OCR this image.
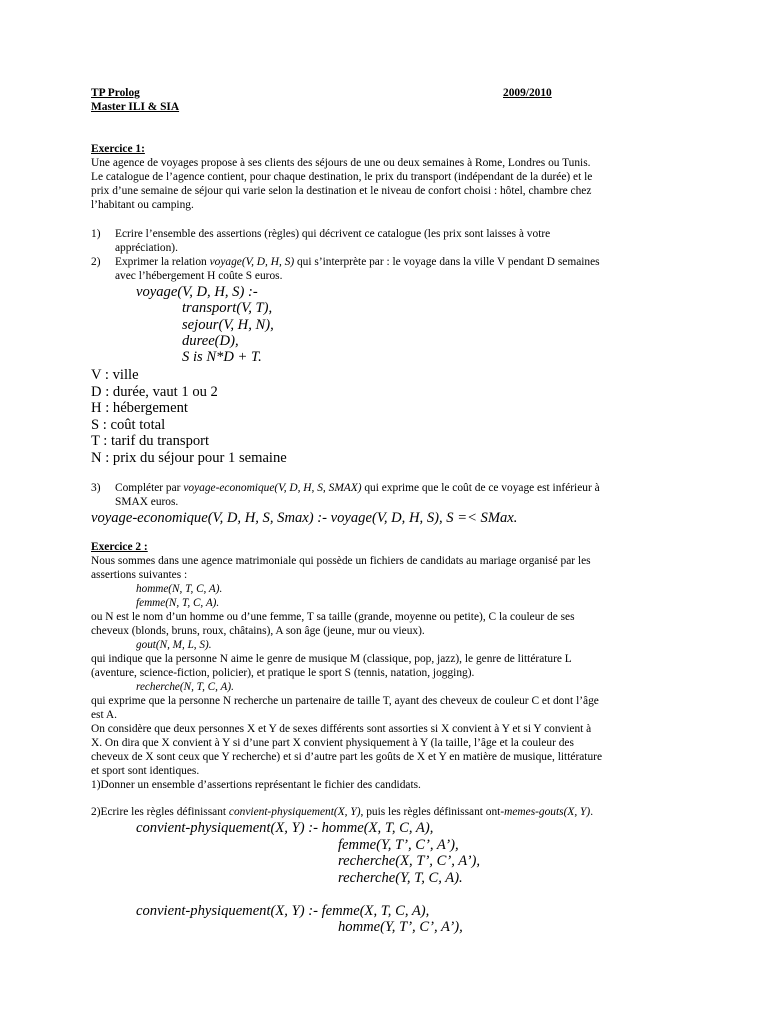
TP Prolog	2009/2010
Master ILI & SIA
Exercice 1:
Une agence de voyages propose à ses clients des séjours de une ou deux semaines à Rome, Londres ou Tunis.
Le catalogue de l’agence contient, pour chaque destination, le prix du transport (indépendant de la durée) et le
prix d’une semaine de séjour qui varie selon la destination et le niveau de confort choisi : hôtel, chambre chez
l’habitant ou camping.
1) Ecrire l’ensemble des assertions (règles) qui décrivent ce catalogue (les prix sont laisses à votre
appréciation).
2) Exprimer la relation voyage(V, D, H, S) qui s’interprète par : le voyage dans la ville V pendant D semaines
avec l’hébergement H coûte S euros.
voyage(V, D, H, S) :-
transport(V, T),
sejour(V, H, N),
duree(D),
S is N*D + T.
V : ville
D : durée, vaut 1 ou 2
H : hébergement
S : coût total
T : tarif du transport
N : prix du séjour pour 1 semaine
3) Compléter par voyage-economique(V, D, H, S, SMAX) qui exprime que le coût de ce voyage est inférieur à
SMAX euros.
voyage-economique(V, D, H, S, Smax) :- voyage(V, D, H, S), S =< SMax.
Exercice 2 :
Nous sommes dans une agence matrimoniale qui possède un fichiers de candidats au mariage organisé par les
assertions suivantes :
homme(N, T, C, A).
femme(N, T, C, A).
ou N est le nom d’un homme ou d’une femme, T sa taille (grande, moyenne ou petite), C la couleur de ses
cheveux (blonds, bruns, roux, châtains), A son âge (jeune, mur ou vieux).
gout(N, M, L, S).
qui indique que la personne N aime le genre de musique M (classique, pop, jazz), le genre de littérature L
(aventure, science-fiction, policier), et pratique le sport S (tennis, natation, jogging).
recherche(N, T, C, A).
qui exprime que la personne N recherche un partenaire de taille T, ayant des cheveux de couleur C et dont l’âge
est A.
On considère que deux personnes X et Y de sexes différents sont assorties si X convient à Y et si Y convient à
X. On dira que X convient à Y si d’une part X convient physiquement à Y (la taille, l’âge et la couleur des
cheveux de X sont ceux que Y recherche) et si d’autre part les goûts de X et Y en matière de musique, littérature
et sport sont identiques.
1)Donner un ensemble d’assertions représentant le fichier des candidats.
2)Ecrire les règles définissant convient-physiquement(X, Y), puis les règles définissant ont-memes-gouts(X, Y).
convient-physiquement(X, Y) :- homme(X, T, C, A),
femme(Y, T’, C’, A’),
recherche(X, T’, C’, A’),
recherche(Y, T, C, A).
convient-physiquement(X, Y) :- femme(X, T, C, A),
homme(Y, T’, C’, A’),
